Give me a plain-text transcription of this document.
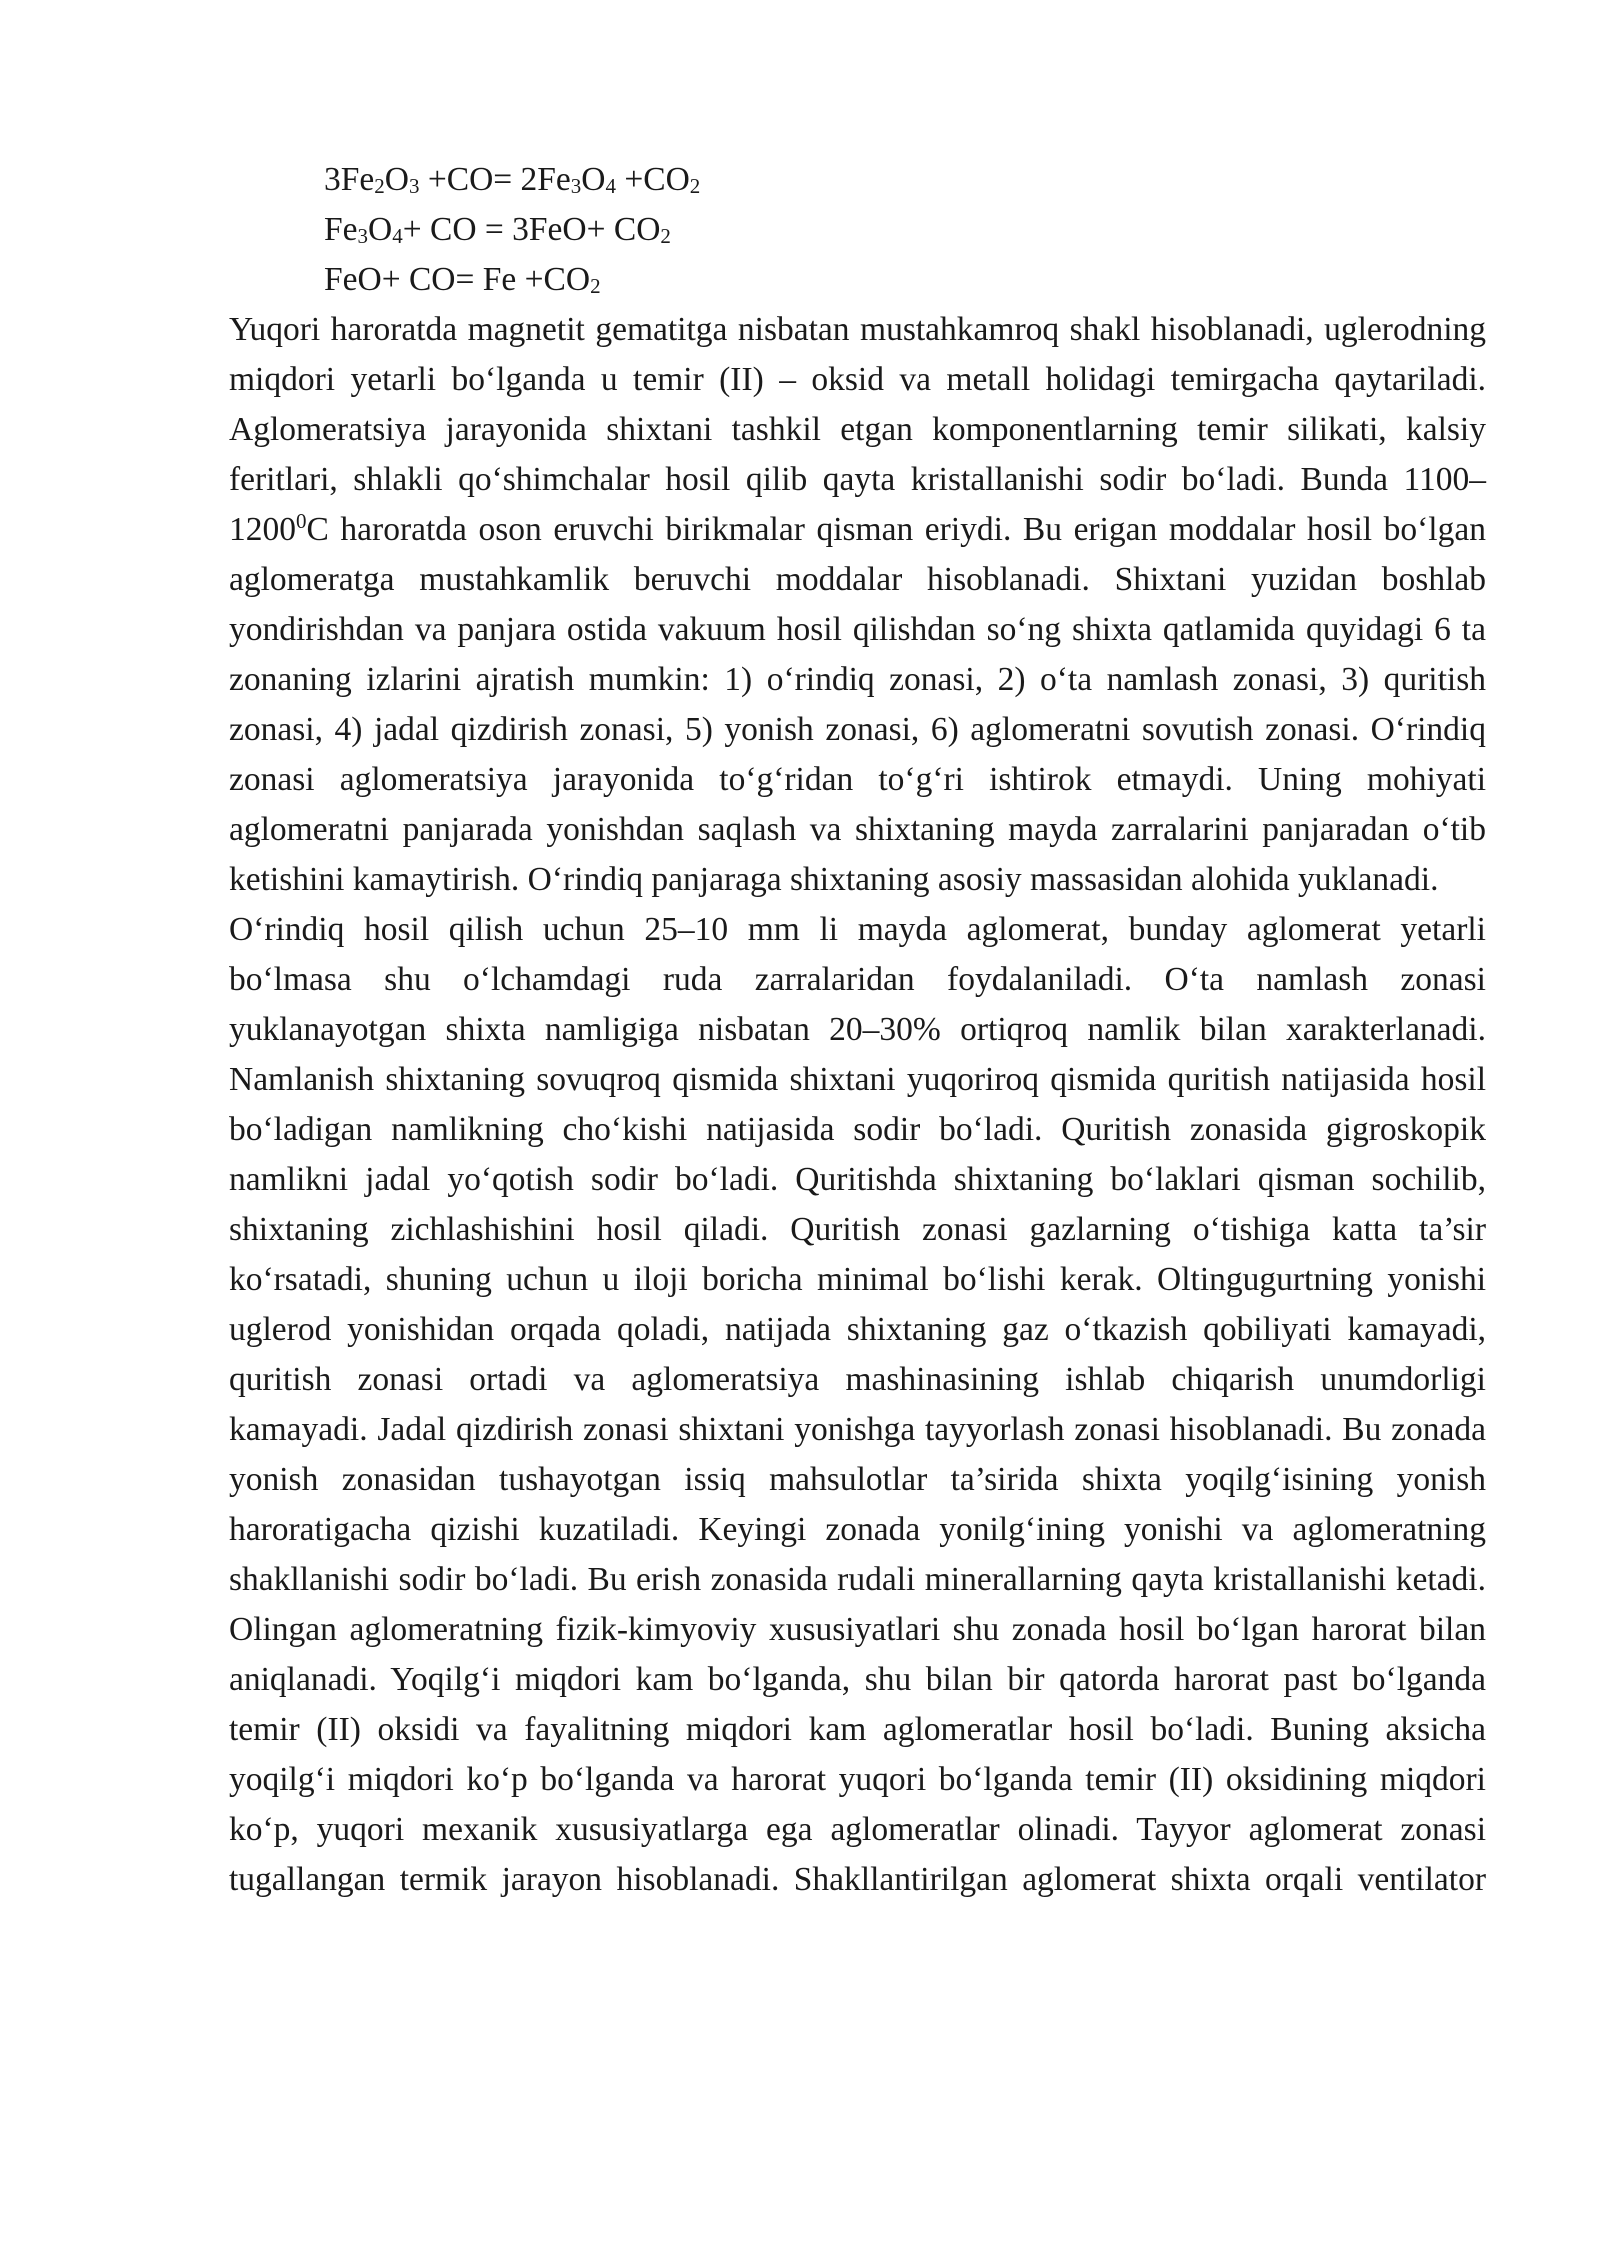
$3Fe_2O_3 +CO= 2Fe_3O_4 +CO_2$

$Fe_3O_4+$ CO = $3FeO+ CO_2$

$FeO+ CO= Fe +CO_2$

Yuqori haroratda magnetit gematitga nisbatan mustahkamroq shakl hisoblanadi, uglerodning miqdori yetarli bo‘lganda u temir (II) – oksid va metall holidagi temirgacha qaytariladi. Aglomeratsiya jarayonida shixtani tashkil etgan komponentlarning temir silikati, kalsiy feritlari, shlakli qo‘shimchalar hosil qilib qayta kristallanishi sodir bo‘ladi. Bunda 1100–1200$^0$C haroratda oson eruvchi birikmalar qisman eriydi. Bu erigan moddalar hosil bo‘lgan aglomeratga mustahkamlik beruvchi moddalar hisoblanadi. Shixtani yuzidan boshlab yondirishdan va panjara ostida vakuum hosil qilishdan so‘ng shixta qatlamida quyidagi 6 ta zonaning izlarini ajratish mumkin: 1) o‘rindiq zonasi, 2) o‘ta namlash zonasi, 3) quritish zonasi, 4) jadal qizdirish zonasi, 5) yonish zonasi, 6) aglomeratni sovutish zonasi. O‘rindiq zonasi aglomeratsiya jarayonida to‘g‘ridan to‘g‘ri ishtirok etmaydi. Uning mohiyati aglomeratni panjarada yonishdan saqlash va shixtaning mayda zarralarini panjaradan o‘tib ketishini kamaytirish. O‘rindiq panjaraga shixtaning asosiy massasidan alohida yuklanadi.

O‘rindiq hosil qilish uchun 25–10 mm li mayda aglomerat, bunday aglomerat yetarli bo‘lmasa shu o‘lchamdagi ruda zarralaridan foydalaniladi. O‘ta namlash zonasi yuklanayotgan shixta namligiga nisbatan 20–30% ortiqroq namlik bilan xarakterlanadi. Namlanish shixtaning sovuqroq qismida shixtani yuqoriroq qismida quritish natijasida hosil bo‘ladigan namlikning cho‘kishi natijasida sodir bo‘ladi. Quritish zonasida gigroskopik namlikni jadal yo‘qotish sodir bo‘ladi. Quritishda shixtaning bo‘laklari qisman sochilib, shixtaning zichlashishini hosil qiladi. Quritish zonasi gazlarning o‘tishiga katta ta’sir ko‘rsatadi, shuning uchun u iloji boricha minimal bo‘lishi kerak. Oltingugurtning yonishi uglerod yonishidan orqada qoladi, natijada shixtaning gaz o‘tkazish qobiliyati kamayadi, quritish zonasi ortadi va aglomeratsiya mashinasining ishlab chiqarish unumdorligi kamayadi. Jadal qizdirish zonasi shixtani yonishga tayyorlash zonasi hisoblanadi. Bu zonada yonish zonasidan tushayotgan issiq mahsulotlar ta’sirida shixta yoqilg‘isining yonish haroratigacha qizishi kuzatiladi. Keyingi zonada yonilg‘ining yonishi va aglomeratning shakllanishi sodir bo‘ladi. Bu erish zonasida rudali minerallarning qayta kristallanishi ketadi. Olingan aglomeratning fizik-kimyoviy xususiyatlari shu zonada hosil bo‘lgan harorat bilan aniqlanadi. Yoqilg‘i miqdori kam bo‘lganda, shu bilan bir qatorda harorat past bo‘lganda temir (II) oksidi va fayalitning miqdori kam aglomeratlar hosil bo‘ladi. Buning aksicha yoqilg‘i miqdori ko‘p bo‘lganda va harorat yuqori bo‘lganda temir (II) oksidining miqdori ko‘p, yuqori mexanik xususiyatlarga ega aglomeratlar olinadi. Tayyor aglomerat zonasi tugallangan termik jarayon hisoblanadi. Shakllantirilgan aglomerat shixta orqali ventilator
